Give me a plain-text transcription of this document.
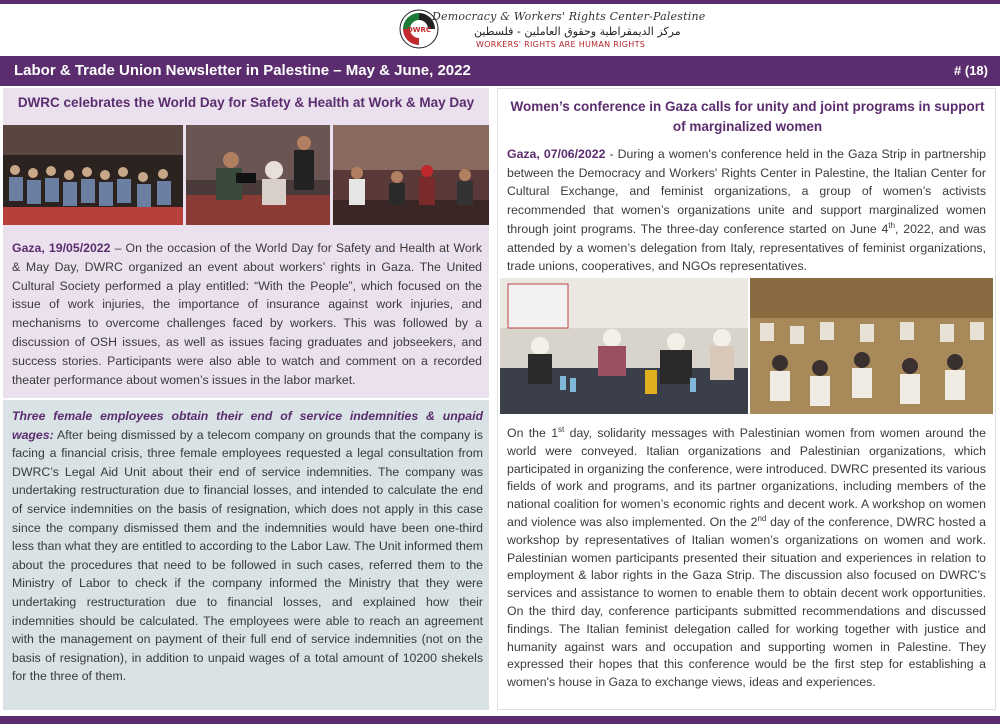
DWRC
Democracy & Workers' Rights Center-Palestine
مركز الديمقراطية وحقوق العاملين - فلسطين
WORKERS' RIGHTS ARE HUMAN RIGHTS
Labor & Trade Union Newsletter in Palestine – May & June, 2022	# (18)
DWRC celebrates the World Day for Safety & Health at Work & May Day
Gaza, 19/05/2022 – On the occasion of the World Day for Safety and Health at Work & May Day, DWRC organized an event about workers’ rights in Gaza. The United Cultural Society performed a play entitled: “With the People”, which focused on the issue of work injuries, the importance of insurance against work injuries, and mechanisms to overcome challenges faced by workers. This was followed by a discussion of OSH issues, as well as issues facing graduates and jobseekers, and success stories. Participants were also able to watch and comment on a recorded theater performance about women’s issues in the labor market.
Three female employees obtain their end of service indemnities & unpaid wages: After being dismissed by a telecom company on grounds that the company is facing a financial crisis, three female employees requested a legal consultation from DWRC’s Legal Aid Unit about their end of service indemnities. The company was undertaking restructuration due to financial losses, and intended to calculate the end of service indemnities on the basis of resignation, which does not apply in this case since the company dismissed them and the indemnities would have been one-third less than what they are entitled to according to the Labor Law. The Unit informed them about the procedures that need to be followed in such cases, referred them to the Ministry of Labor to check if the company informed the Ministry that they were undertaking restructuration due to financial losses, and explained how their indemnities should be calculated. The employees were able to reach an agreement with the management on payment of their full end of service indemnities (not on the basis of resignation), in addition to unpaid wages of a total amount of 10200 shekels for the three of them.
Women’s conference in Gaza calls for unity and joint programs in support of marginalized women
Gaza, 07/06/2022 - During a women's conference held in the Gaza Strip in partnership between the Democracy and Workers' Rights Center in Palestine, the Italian Center for Cultural Exchange, and feminist organizations, a group of women’s activists recommended that women’s organizations unite and support marginalized women through joint programs. The three-day conference started on June 4th, 2022, and was attended by a women’s delegation from Italy, representatives of feminist organizations, trade unions, cooperatives, and NGOs representatives.
On the 1st day, solidarity messages with Palestinian women from women around the world were conveyed. Italian organizations and Palestinian organizations, which participated in organizing the conference, were introduced. DWRC presented its various fields of work and programs, and its partner organizations, including members of the national coalition for women’s economic rights and decent work. A workshop on women and violence was also implemented. On the 2nd day of the conference, DWRC hosted a workshop by representatives of Italian women’s organizations on women and work. Palestinian women participants presented their situation and experiences in relation to employment & labor rights in the Gaza Strip. The discussion also focused on DWRC’s services and assistance to women to enable them to obtain decent work opportunities. On the third day, conference participants submitted recommendations and discussed findings. The Italian feminist delegation called for working together with justice and humanity against wars and occupation and supporting women in Palestine. They expressed their hopes that this conference would be the first step for establishing a women's house in Gaza to exchange views, ideas and experiences.
